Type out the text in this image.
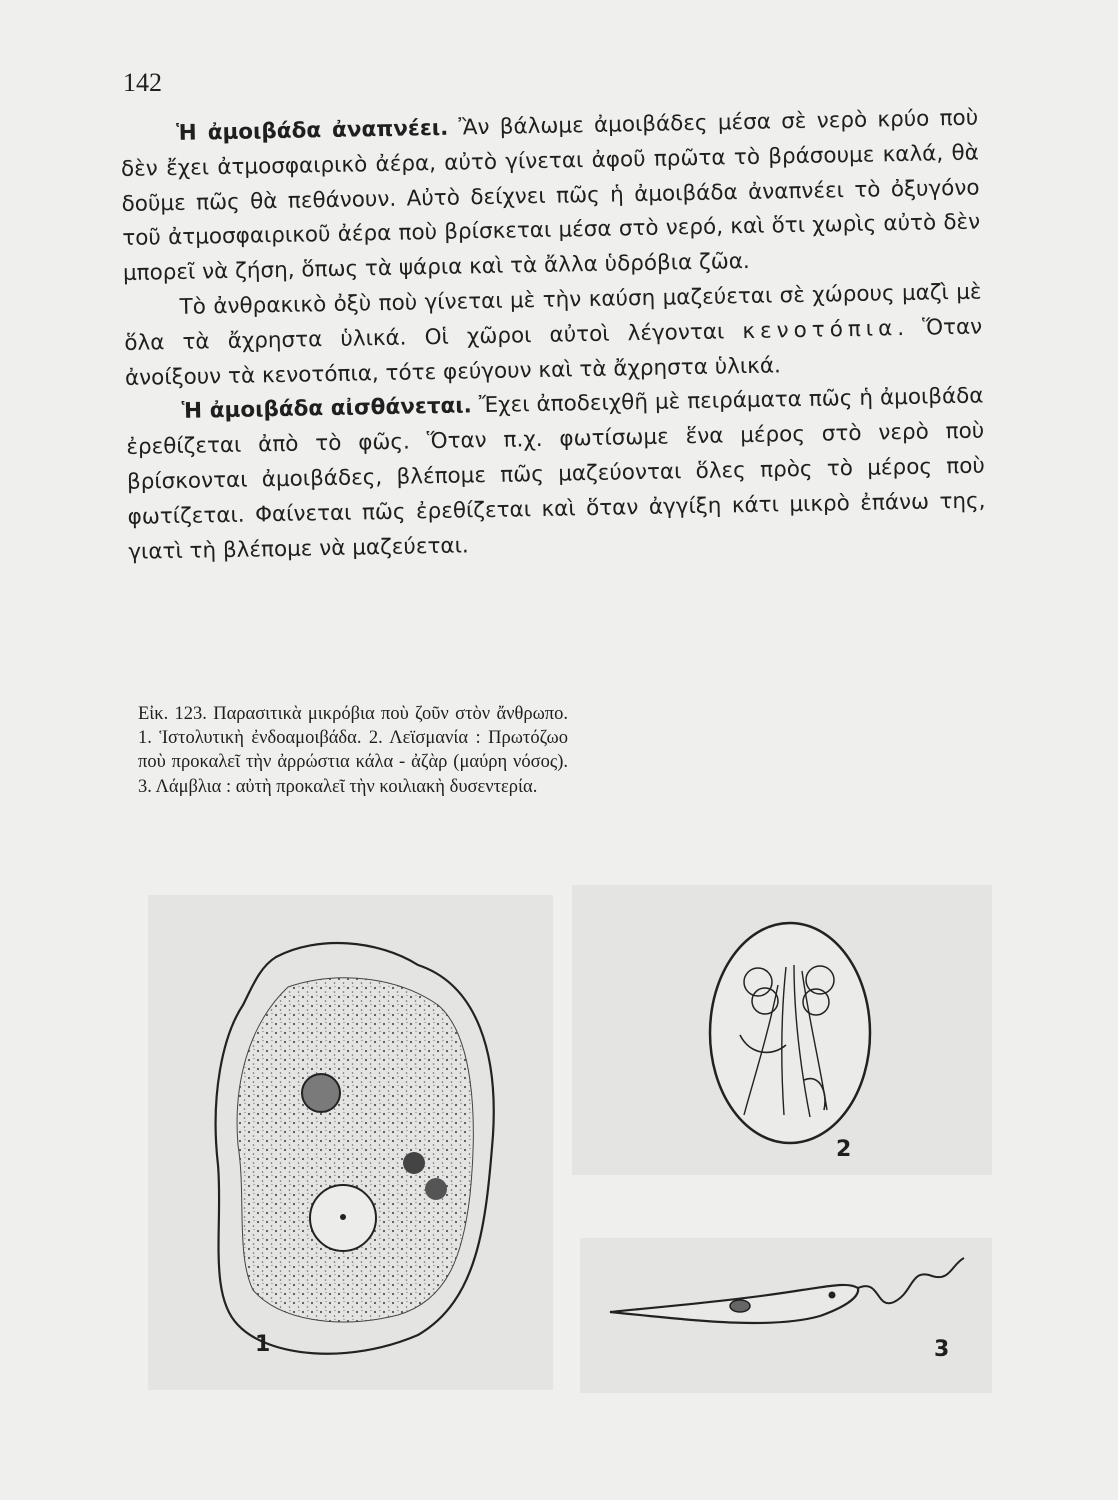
142

Ἡ ἀμοιβάδα ἀναπνέει. Ἂν βάλωμε ἀμοιβάδες μέσα σὲ νερὸ κρύο ποὺ δὲν ἔχει ἀτμοσφαιρικὸ ἀέρα, αὐτὸ γίνεται ἀφοῦ πρῶτα τὸ βράσουμε καλά, θὰ δοῦμε πῶς θὰ πεθάνουν. Αὐτὸ δείχνει πῶς ἡ ἀμοιβάδα ἀναπνέει τὸ ὀξυγόνο τοῦ ἀτμοσφαιρικοῦ ἀέρα ποὺ βρίσκεται μέσα στὸ νερό, καὶ ὅτι χωρὶς αὐτὸ δὲν μπορεῖ νὰ ζήση, ὅπως τὰ ψάρια καὶ τὰ ἄλλα ὑδρόβια ζῶα.

Τὸ ἀνθρακικὸ ὀξὺ ποὺ γίνεται μὲ τὴν καύση μαζεύεται σὲ χώρους μαζὶ μὲ ὅλα τὰ ἄχρηστα ὑλικά. Οἱ χῶροι αὐτοὶ λέγονται κενοτόπια. Ὅταν ἀνοίξουν τὰ κενοτόπια, τότε φεύγουν καὶ τὰ ἄχρηστα ὑλικά.

Ἡ ἀμοιβάδα αἰσθάνεται. Ἔχει ἀποδειχθῆ μὲ πειράματα πῶς ἡ ἀμοιβάδα ἐρεθίζεται ἀπὸ τὸ φῶς. Ὅταν π.χ. φωτίσωμε ἕνα μέρος στὸ νερὸ ποὺ βρίσκονται ἀμοιβάδες, βλέπομε πῶς μαζεύονται ὅλες πρὸς τὸ μέρος ποὺ φωτίζεται. Φαίνεται πῶς ἐρεθίζεται καὶ ὅταν ἀγγίξη κάτι μικρὸ ἐπάνω της, γιατὶ τὴ βλέπομε νὰ μαζεύεται.

Εἰκ. 123. Παρασιτικὰ μικρόβια ποὺ ζοῦν στὸν ἄνθρωπο. 1. Ἱστολυτικὴ ἐνδοαμοιβάδα. 2. Λεϊσμανία : Πρωτόζωο ποὺ προκαλεῖ τὴν ἀρρώστια κάλα - ἀζὰρ (μαύρη νόσος). 3. Λάμβλια : αὐτὴ προκαλεῖ τὴν κοιλιακὴ δυσεντερία.
1
2
3
